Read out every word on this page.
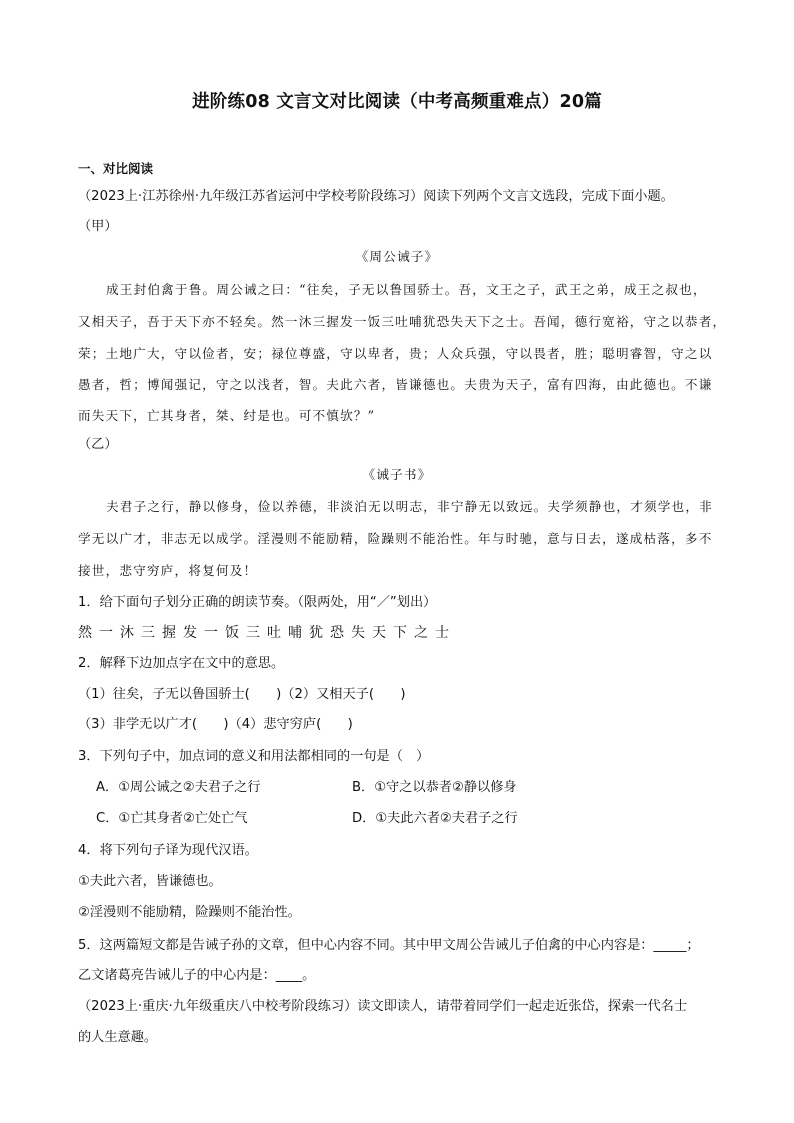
进阶练08 文言文对比阅读（中考高频重难点）20篇
一、对比阅读
（2023上·江苏徐州·九年级江苏省运河中学校考阶段练习）阅读下列两个文言文选段，完成下面小题。
（甲）
《周公诫子》
成王封伯禽于鲁。周公诫之曰：“往矣，子无以鲁国骄士。吾，文王之子，武王之弟，成王之叔也，
又相天子，吾于天下亦不轻矣。然一沐三握发一饭三吐哺犹恐失天下之士。吾闻，德行宽裕，守之以恭者，
荣；土地广大，守以俭者，安；禄位尊盛，守以卑者，贵；人众兵强，守以畏者，胜；聪明睿智，守之以
愚者，哲；博闻强记，守之以浅者，智。夫此六者，皆谦德也。夫贵为天子，富有四海，由此德也。不谦
而失天下，亡其身者，桀、纣是也。可不慎欤？”
（乙）
《诫子书》
夫君子之行，静以修身，俭以养德，非淡泊无以明志，非宁静无以致远。夫学须静也，才须学也，非
学无以广才，非志无以成学。淫漫则不能励精，险躁则不能治性。年与时驰，意与日去，遂成枯落，多不
接世，悲守穷庐，将复何及！
1．给下面句子划分正确的朗读节奏。（限两处，用“／”划出）
然一沐三握发一饭三吐哺犹恐失天下之士
2．解释下边加点字在文中的意思。
（1）往矣，子无以鲁国骄士(　　)（2）又相天子(　　)
（3）非学无以广才(　　)（4）悲守穷庐(　　)
3．下列句子中，加点词的意义和用法都相同的一句是（　）
A．①周公诫之②夫君子之行	B．①守之以恭者②静以修身
C．①亡其身者②亡处亡气	D．①夫此六者②夫君子之行
4．将下列句子译为现代汉语。
①夫此六者，皆谦德也。
②淫漫则不能励精，险躁则不能治性。
5．这两篇短文都是告诫子孙的文章，但中心内容不同。其中甲文周公告诫儿子伯禽的中心内容是：_____；
乙文诸葛亮告诫儿子的中心内是：____。
（2023上·重庆·九年级重庆八中校考阶段练习）读文即读人，请带着同学们一起走近张岱，探索一代名士
的人生意趣。
